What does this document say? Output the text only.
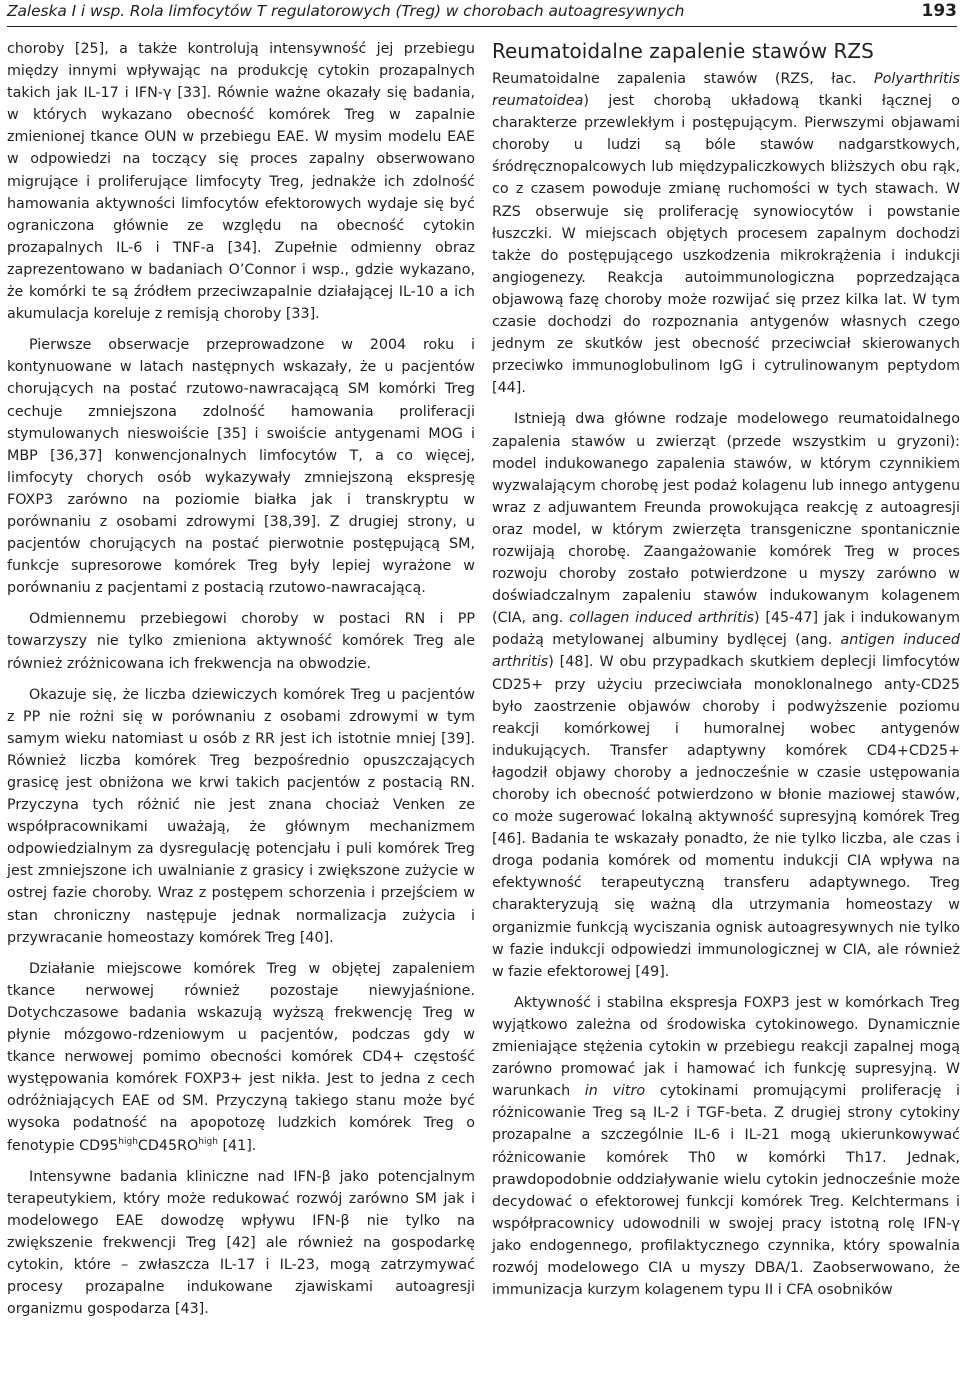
Zaleska I i wsp. Rola limfocytów T regulatorowych (Treg) w chorobach autoagresywnych	193

choroby [25], a także kontrolują intensywność jej przebiegu między innymi wpływając na produkcję cytokin prozapalnych takich jak IL-17 i IFN-γ [33]. Równie ważne okazały się badania, w których wykazano obecność komórek Treg w zapalnie zmienionej tkance OUN w przebiegu EAE. W mysim modelu EAE w odpowiedzi na toczący się proces zapalny obserwowano migrujące i proliferujące limfocyty Treg, jednakże ich zdolność hamowania aktywności limfocytów efektorowych wydaje się być ograniczona głównie ze względu na obecność cytokin prozapalnych IL-6 i TNF-a [34]. Zupełnie odmienny obraz zaprezentowano w badaniach O’Connor i wsp., gdzie wykazano, że komórki te są źródłem przeciwzapalnie działającej IL-10 a ich akumulacja koreluje z remisją choroby [33].

Pierwsze obserwacje przeprowadzone w 2004 roku i kontynuowane w latach następnych wskazały, że u pacjentów chorujących na postać rzutowo-nawracającą SM komórki Treg cechuje zmniejszona zdolność hamowania proliferacji stymulowanych nieswoiście [35] i swoiście antygenami MOG i MBP [36,37] konwencjonalnych limfocytów T, a co więcej, limfocyty chorych osób wykazywały zmniejszoną ekspresję FOXP3 zarówno na poziomie białka jak i transkryptu w porównaniu z osobami zdrowymi [38,39]. Z drugiej strony, u pacjentów chorujących na postać pierwotnie postępującą SM, funkcje supresorowe komórek Treg były lepiej wyrażone w porównaniu z pacjentami z postacią rzutowo-nawracającą.

Odmiennemu przebiegowi choroby w postaci RN i PP towarzyszy nie tylko zmieniona aktywność komórek Treg ale również zróżnicowana ich frekwencja na obwodzie.

Okazuje się, że liczba dziewiczych komórek Treg u pacjentów z PP nie rożni się w porównaniu z osobami zdrowymi w tym samym wieku natomiast u osób z RR jest ich istotnie mniej [39]. Również liczba komórek Treg bezpośrednio opuszczających grasicę jest obniżona we krwi takich pacjentów z postacią RN. Przyczyna tych różnić nie jest znana chociaż Venken ze współpracownikami uważają, że głównym mechanizmem odpowiedzialnym za dysregulację potencjału i puli komórek Treg jest zmniejszone ich uwalnianie z grasicy i zwiększone zużycie w ostrej fazie choroby. Wraz z postępem schorzenia i przejściem w stan chroniczny następuje jednak normalizacja zużycia i przywracanie homeostazy komórek Treg [40].

Działanie miejscowe komórek Treg w objętej zapaleniem tkance nerwowej również pozostaje niewyjaśnione. Dotychczasowe badania wskazują wyższą frekwencję Treg w płynie mózgowo-rdzeniowym u pacjentów, podczas gdy w tkance nerwowej pomimo obecności komórek CD4+ częstość występowania komórek FOXP3+ jest nikła. Jest to jedna z cech odróżniających EAE od SM. Przyczyną takiego stanu może być wysoka podatność na apopotozę ludzkich komórek Treg o fenotypie $CD95^{high}CD45RO^{high}$ [41].

Intensywne badania kliniczne nad IFN-β jako potencjalnym terapeutykiem, który może redukować rozwój zarówno SM jak i modelowego EAE dowodzę wpływu IFN-β nie tylko na zwiększenie frekwencji Treg [42] ale również na gospodarkę cytokin, które – zwłaszcza IL-17 i IL-23, mogą zatrzymywać procesy prozapalne indukowane zjawiskami autoagresji organizmu gospodarza [43].

Reumatoidalne zapalenie stawów RZS

Reumatoidalne zapalenia stawów (RZS, łac. Polyarthritis reumatoidea) jest chorobą układową tkanki łącznej o charakterze przewlekłym i postępującym. Pierwszymi objawami choroby u ludzi są bóle stawów nadgarstkowych, śródręcznopalcowych lub międzypaliczkowych bliższych obu rąk, co z czasem powoduje zmianę ruchomości w tych stawach. W RZS obserwuje się proliferację synowiocytów i powstanie łuszczki. W miejscach objętych procesem zapalnym dochodzi także do postępującego uszkodzenia mikrokrążenia i indukcji angiogenezy. Reakcja autoimmunologiczna poprzedzająca objawową fazę choroby może rozwijać się przez kilka lat. W tym czasie dochodzi do rozpoznania antygenów własnych czego jednym ze skutków jest obecność przeciwciał skierowanych przeciwko immunoglobulinom IgG i cytrulinowanym peptydom [44].

Istnieją dwa główne rodzaje modelowego reumatoidalnego zapalenia stawów u zwierząt (przede wszystkim u gryzoni): model indukowanego zapalenia stawów, w którym czynnikiem wyzwalającym chorobę jest podaż kolagenu lub innego antygenu wraz z adjuwantem Freunda prowokująca reakcję z autoagresji oraz model, w którym zwierzęta transgeniczne spontanicznie rozwijają chorobę. Zaangażowanie komórek Treg w proces rozwoju choroby zostało potwierdzone u myszy zarówno w doświadczalnym zapaleniu stawów indukowanym kolagenem (CIA, ang. collagen induced arthritis) [45-47] jak i indukowanym podażą metylowanej albuminy bydlęcej (ang. antigen induced arthritis) [48]. W obu przypadkach skutkiem deplecji limfocytów CD25+ przy użyciu przeciwciała monoklonalnego anty-CD25 było zaostrzenie objawów choroby i podwyższenie poziomu reakcji komórkowej i humoralnej wobec antygenów indukujących. Transfer adaptywny komórek CD4+CD25+ łagodził objawy choroby a jednocześnie w czasie ustępowania choroby ich obecność potwierdzono w błonie maziowej stawów, co może sugerować lokalną aktywność supresyjną komórek Treg [46]. Badania te wskazały ponadto, że nie tylko liczba, ale czas i droga podania komórek od momentu indukcji CIA wpływa na efektywność terapeutyczną transferu adaptywnego. Treg charakteryzują się ważną dla utrzymania homeostazy w organizmie funkcją wyciszania ognisk autoagresywnych nie tylko w fazie indukcji odpowiedzi immunologicznej w CIA, ale również w fazie efektorowej [49].

Aktywność i stabilna ekspresja FOXP3 jest w komórkach Treg wyjątkowo zależna od środowiska cytokinowego. Dynamicznie zmieniające stężenia cytokin w przebiegu reakcji zapalnej mogą zarówno promować jak i hamować ich funkcję supresyjną. W warunkach in vitro cytokinami promującymi proliferację i różnicowanie Treg są IL-2 i TGF-beta. Z drugiej strony cytokiny prozapalne a szczególnie IL-6 i IL-21 mogą ukierunkowywać różnicowanie komórek Th0 w komórki Th17. Jednak, prawdopodobnie oddziaływanie wielu cytokin jednocześnie może decydować o efektorowej funkcji komórek Treg. Kelchtermans i współpracownicy udowodnili w swojej pracy istotną rolę IFN-γ jako endogennego, profilaktycznego czynnika, który spowalnia rozwój modelowego CIA u myszy DBA/1. Zaobserwowano, że immunizacja kurzym kolagenem typu II i CFA osobników
